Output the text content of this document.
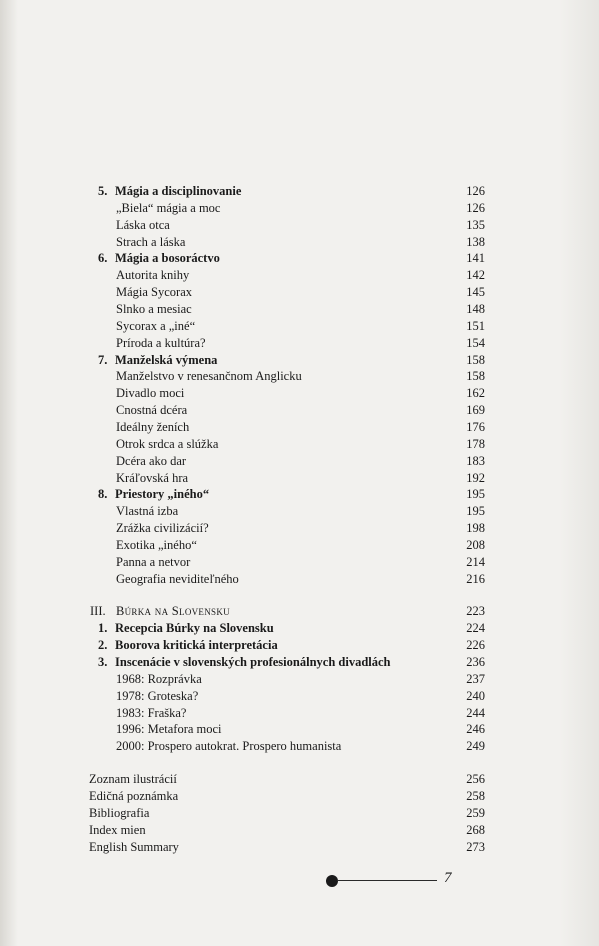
5. Mágia a disciplinovanie	126
„Biela“ mágia a moc	126
Láska otca	135
Strach a láska	138
6. Mágia a bosoráctvo	141
Autorita knihy	142
Mágia Sycorax	145
Slnko a mesiac	148
Sycorax a „iné“	151
Príroda a kultúra?	154
7. Manželská výmena	158
Manželstvo v renesančnom Anglicku	158
Divadlo moci	162
Cnostná dcéra	169
Ideálny ženích	176
Otrok srdca a slúžka	178
Dcéra ako dar	183
Kráľovská hra	192
8. Priestory „iného“	195
Vlastná izba	195
Zrážka civilizácií?	198
Exotika „iného“	208
Panna a netvor	214
Geografia neviditeľného	216
III. Búrka na Slovensku	223
1. Recepcia Búrky na Slovensku	224
2. Boorova kritická interpretácia	226
3. Inscenácie v slovenských profesionálnych divadlách	236
1968: Rozprávka	237
1978: Groteska?	240
1983: Fraška?	244
1996: Metafora moci	246
2000: Prospero autokrat. Prospero humanista	249
Zoznam ilustrácií	256
Edičná poznámka	258
Bibliografia	259
Index mien	268
English Summary	273
7
